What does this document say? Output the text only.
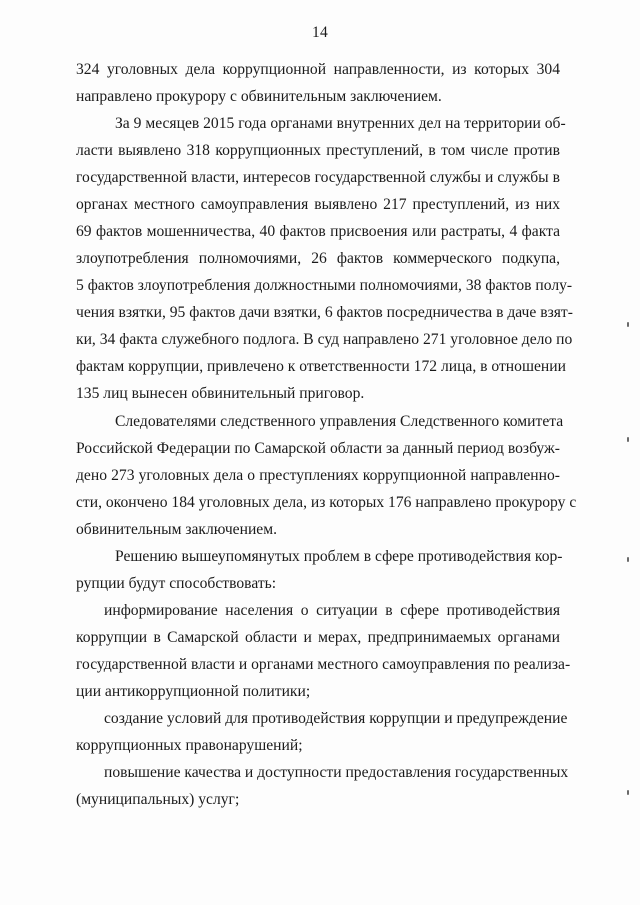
14
324 уголовных дела коррупционной направленности, из которых 304
направлено прокурору с обвинительным заключением.
За 9 месяцев 2015 года органами внутренних дел на территории об-
ласти выявлено 318 коррупционных преступлений, в том числе против
государственной власти, интересов государственной службы и службы в
органах местного самоуправления выявлено 217 преступлений, из них
69 фактов мошенничества, 40 фактов присвоения или растраты, 4 факта
злоупотребления полномочиями, 26 фактов коммерческого подкупа,
5 фактов злоупотребления должностными полномочиями, 38 фактов полу-
чения взятки, 95 фактов дачи взятки, 6 фактов посредничества в даче взят-
ки, 34 факта служебного подлога. В суд направлено 271 уголовное дело по
фактам коррупции, привлечено к ответственности 172 лица, в отношении
135 лиц вынесен обвинительный приговор.
Следователями следственного управления Следственного комитета
Российской Федерации по Самарской области за данный период возбуж-
дено 273 уголовных дела о преступлениях коррупционной направленно-
сти, окончено 184 уголовных дела, из которых 176 направлено прокурору с
обвинительным заключением.
Решению вышеупомянутых проблем в сфере противодействия кор-
рупции будут способствовать:
информирование населения о ситуации в сфере противодействия
коррупции в Самарской области и мерах, предпринимаемых органами
государственной власти и органами местного самоуправления по реализа-
ции антикоррупционной политики;
создание условий для противодействия коррупции и предупреждение
коррупционных правонарушений;
повышение качества и доступности предоставления государственных
(муниципальных) услуг;
